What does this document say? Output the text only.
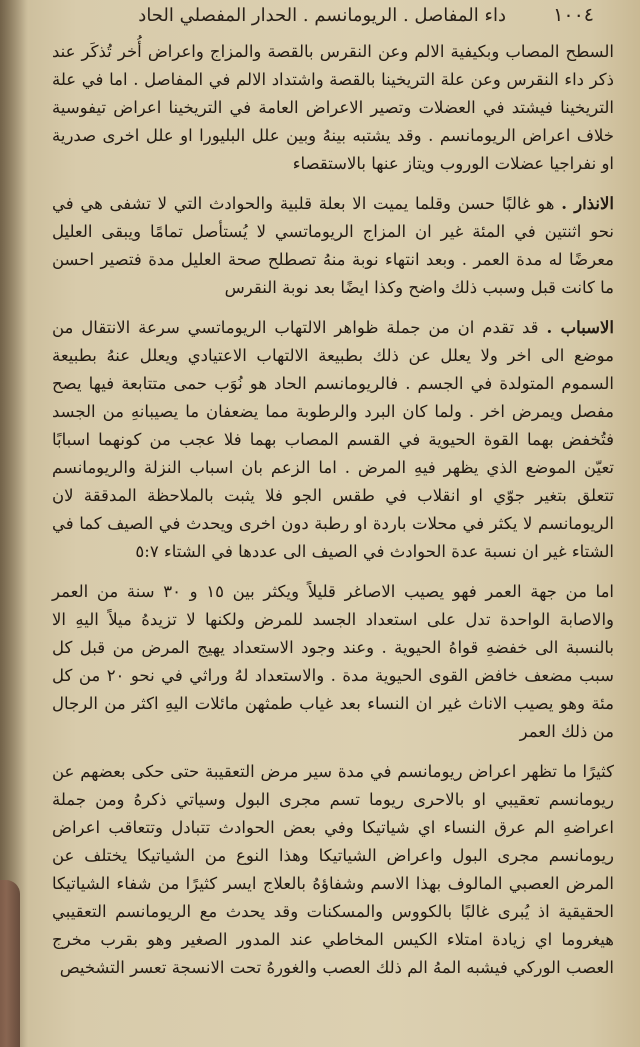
١٠٠٤
داء المفاصل . الريومانسم . الحدار المفصلي الحاد

السطح المصاب وبكيفية الالم وعن النقرس بالقصة والمزاج واعراض أُخر تُذكَر عند ذكر داء النقرس وعن علة التريخينا بالقصة واشتداد الالم في المفاصل . اما في علة التريخينا فيشتد في العضلات وتصير الاعراض العامة في التريخينا اعراض تيفوسية خلاف اعراض الريومانسم . وقد يشتبه بينهُ وبين علل البليورا او علل اخرى صدرية او نفراجيا عضلات الوروب ويتاز عنها بالاستقصاء

الانذار . هو غالبًا حسن وقلما يميت الا بعلة قلبية والحوادث التي لا تشفى هي في نحو اثنتين في المئة غير ان المزاج الريوماتسي لا يُستأصل تمامًا ويبقى العليل معرضًا له مدة العمر . وبعد انتهاء نوبة منهُ تصطلح صحة العليل مدة فتصير احسن ما كانت قبل وسبب ذلك واضح وكذا ايضًا بعد نوبة النقرس

الاسباب . قد تقدم ان من جملة ظواهر الالتهاب الريوماتسي سرعة الانتقال من موضع الى اخر ولا يعلل عن ذلك بطبيعة الالتهاب الاعتيادي ويعلل عنهُ بطبيعة السموم المتولدة في الجسم . فالريومانسم الحاد هو نُوَب حمى متتابعة فيها يصح مفصل ويمرض اخر . ولما كان البرد والرطوبة مما يضعفان ما يصيبانهِ من الجسد فتُخفض بهما القوة الحيوية في القسم المصاب بهما فلا عجب من كونهما اسبابًا تعيّن الموضع الذي يظهر فيهِ المرض . اما الزعم بان اسباب النزلة والريومانسم تتعلق بتغير جوّي او انقلاب في طقس الجو فلا يثبت بالملاحظة المدققة لان الريومانسم لا يكثر في محلات باردة او رطبة دون اخرى ويحدث في الصيف كما في الشتاء غير ان نسبة عدة الحوادث في الصيف الى عددها في الشتاء ٥:٧

اما من جهة العمر فهو يصيب الاصاغر قليلاً ويكثر بين ١٥ و ٣٠ سنة من العمر والاصابة الواحدة تدل على استعداد الجسد للمرض ولكنها لا تزيدهُ ميلاً اليهِ الا بالنسبة الى خفضهِ قواهُ الحيوية . وعند وجود الاستعداد يهيج المرض من قبل كل سبب مضعف خافض القوى الحيوية مدة . والاستعداد لهُ وراثي في نحو ٢٠ من كل مئة وهو يصيب الاناث غير ان النساء بعد غياب طمثهن مائلات اليهِ اكثر من الرجال من ذلك العمر

كثيرًا ما تظهر اعراض ريومانسم في مدة سير مرض التعقيبة حتى حكى بعضهم عن ريومانسم تعقيبي او بالاحرى ريوما تسم مجرى البول وسياتي ذكرهُ ومن جملة اعراضهِ الم عرق النساء اي شياتيكا وفي بعض الحوادث تتبادل وتتعاقب اعراض ريومانسم مجرى البول واعراض الشياتيكا وهذا النوع من الشياتيكا يختلف عن المرض العصبي المالوف بهذا الاسم وشفاؤهُ بالعلاج ايسر كثيرًا من شفاء الشياتيكا الحقيقية اذ يُبرى غالبًا بالكووس والمسكنات وقد يحدث مع الريومانسم التعقيبي هيغروما اي زيادة امتلاء الكيس المخاطي عند المدور الصغير وهو بقرب مخرج العصب الوركي فيشبه المهُ الم ذلك العصب والغورهُ تحت الانسجة تعسر التشخيص
